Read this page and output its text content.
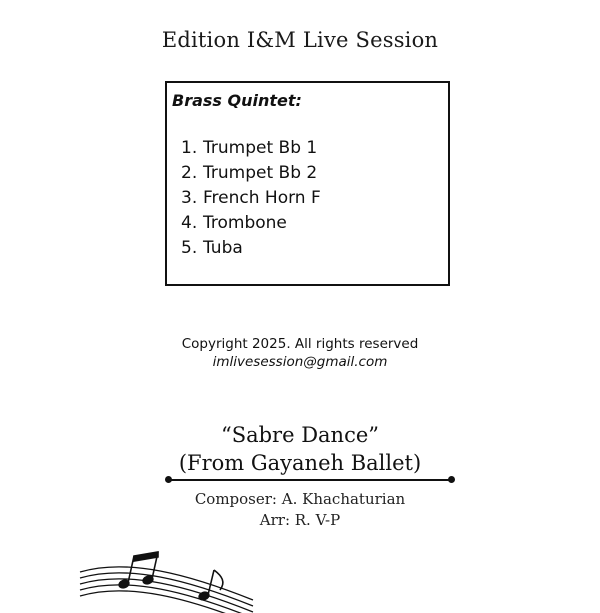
Edition I&M Live Session
Brass Quintet:
1. Trumpet Bb 1
2. Trumpet Bb 2
3. French Horn F
4. Trombone
5. Tuba
Copyright 2025. All rights reserved
imlivesession@gmail.com
“Sabre Dance”
(From Gayaneh Ballet)
Composer: A. Khachaturian
Arr: R. V-P
